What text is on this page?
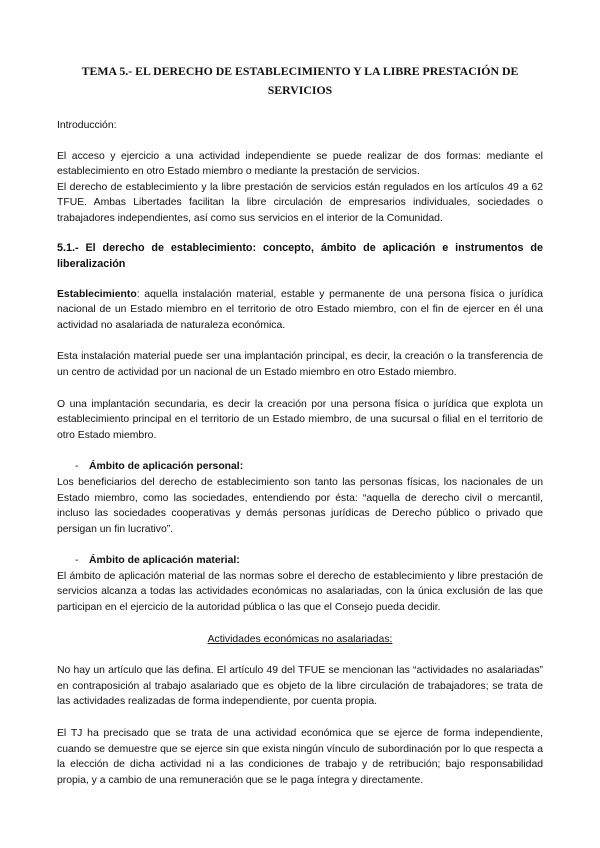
TEMA 5.- EL DERECHO DE ESTABLECIMIENTO Y LA LIBRE PRESTACIÓN DE SERVICIOS

Introducción:

El acceso y ejercicio a una actividad independiente se puede realizar de dos formas: mediante el establecimiento en otro Estado miembro o mediante la prestación de servicios.

El derecho de establecimiento y la libre prestación de servicios están regulados en los artículos 49 a 62 TFUE. Ambas Libertades facilitan la libre circulación de empresarios individuales, sociedades o trabajadores independientes, así como sus servicios en el interior de la Comunidad.

5.1.- El derecho de establecimiento: concepto, ámbito de aplicación e instrumentos de liberalización

Establecimiento: aquella instalación material, estable y permanente de una persona física o jurídica nacional de un Estado miembro en el territorio de otro Estado miembro, con el fin de ejercer en él una actividad no asalariada de naturaleza económica.

Esta instalación material puede ser una implantación principal, es decir, la creación o la transferencia de un centro de actividad por un nacional de un Estado miembro en otro Estado miembro.

O una implantación secundaria, es decir la creación por una persona física o jurídica que explota un establecimiento principal en el territorio de un Estado miembro, de una sucursal o filial en el territorio de otro Estado miembro.

- Ámbito de aplicación personal:

Los beneficiarios del derecho de establecimiento son tanto las personas físicas, los nacionales de un Estado miembro, como las sociedades, entendiendo por ésta: “aquella de derecho civil o mercantil, incluso las sociedades cooperativas y demás personas jurídicas de Derecho público o privado que persigan un fin lucrativo”.

- Ámbito de aplicación material:

El ámbito de aplicación material de las normas sobre el derecho de establecimiento y libre prestación de servicios alcanza a todas las actividades económicas no asalariadas, con la única exclusión de las que participan en el ejercicio de la autoridad pública o las que el Consejo pueda decidir.

Actividades económicas no asalariadas:

No hay un artículo que las defina. El artículo 49 del TFUE se mencionan las “actividades no asalariadas” en contraposición al trabajo asalariado que es objeto de la libre circulación de trabajadores; se trata de las actividades realizadas de forma independiente, por cuenta propia.

El TJ ha precisado que se trata de una actividad económica que se ejerce de forma independiente, cuando se demuestre que se ejerce sin que exista ningún vínculo de subordinación por lo que respecta a la elección de dicha actividad ni a las condiciones de trabajo y de retribución; bajo responsabilidad propia, y a cambio de una remuneración que se le paga íntegra y directamente.
